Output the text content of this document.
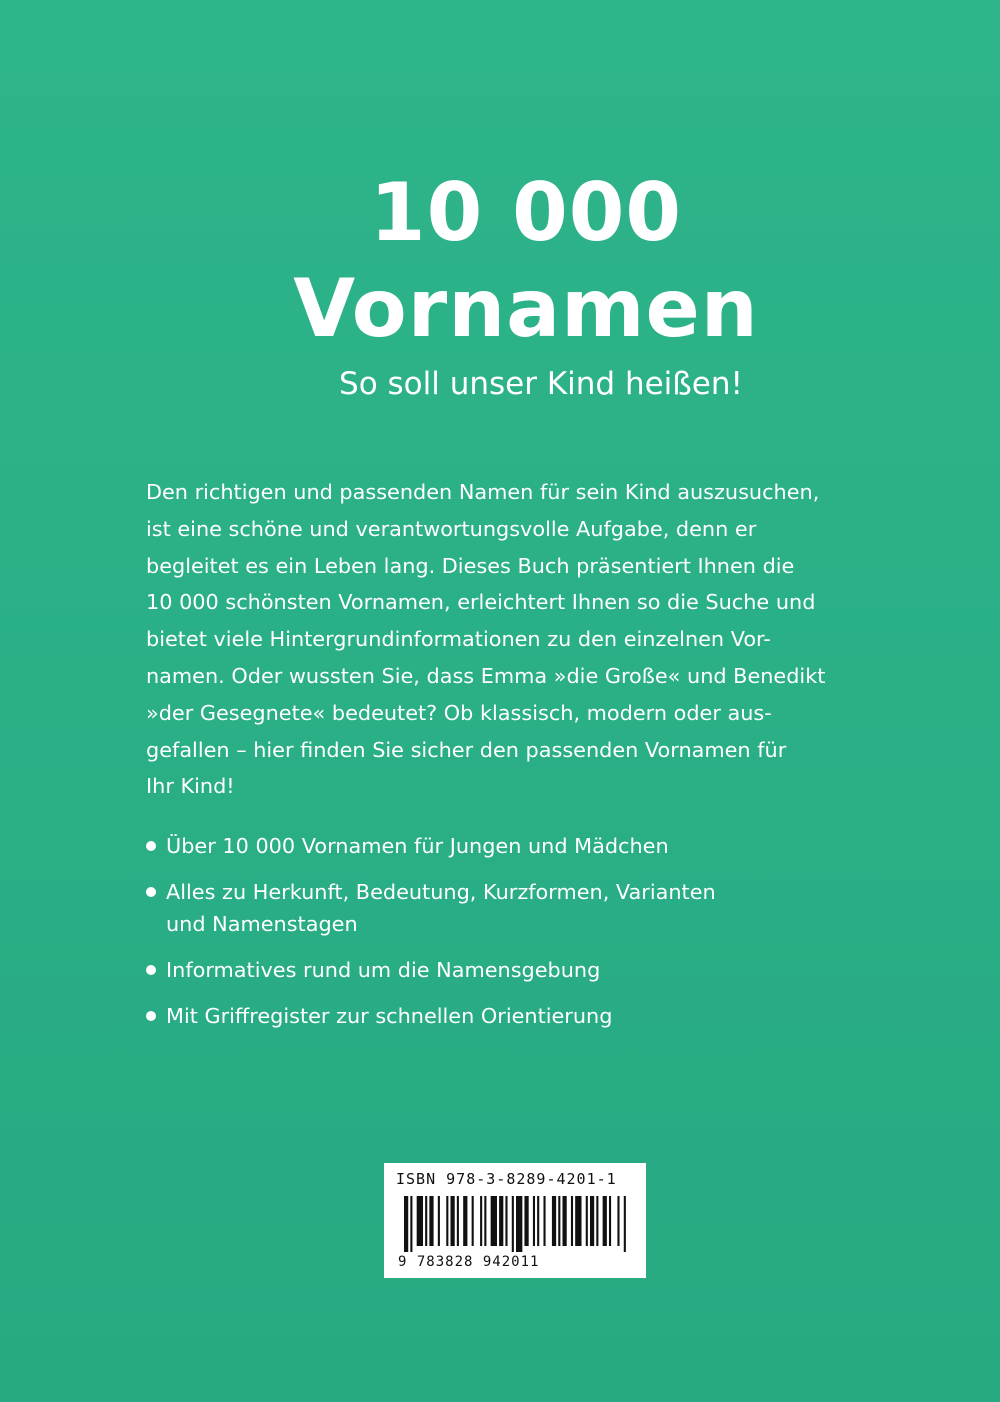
10 000
Vornamen
So soll unser Kind heißen!

Den richtigen und passenden Namen für sein Kind auszusuchen,
ist eine schöne und verantwortungsvolle Aufgabe, denn er
begleitet es ein Leben lang. Dieses Buch präsentiert Ihnen die
10 000 schönsten Vornamen, erleichtert Ihnen so die Suche und
bietet viele Hintergrundinformationen zu den einzelnen Vor-
namen. Oder wussten Sie, dass Emma »die Große« und Benedikt
»der Gesegnete« bedeutet? Ob klassisch, modern oder aus-
gefallen – hier finden Sie sicher den passenden Vornamen für
Ihr Kind!

Über 10 000 Vornamen für Jungen und Mädchen
Alles zu Herkunft, Bedeutung, Kurzformen, Varianten
und Namenstagen
Informatives rund um die Namensgebung
Mit Griffregister zur schnellen Orientierung
ISBN 978-3-8289-4201-1
9 783828 942011
